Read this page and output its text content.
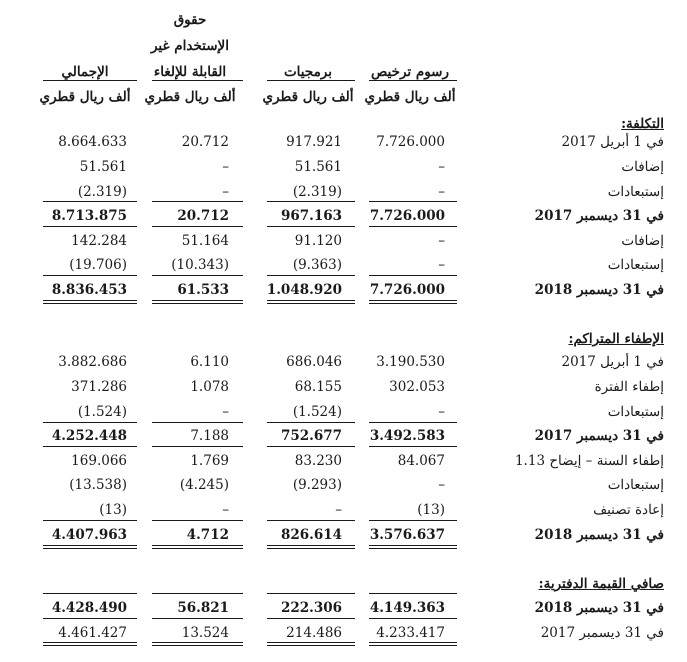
رسوم ترخيص
ألف ريال قطري
برمجيات
ألف ريال قطري
حقوق
الإستخدام غير
القابلة للإلغاء
ألف ريال قطري
الإجمالي
ألف ريال قطري
التكلفة:
في 1 أبريل 2017
7.726.000
917.921
20.712
8.664.633
إضافات
–
51.561
–
51.561
إستبعادات
–
(2.319)
–
(2.319)
في 31 ديسمبر 2017
7.726.000
967.163
20.712
8.713.875
إضافات
–
91.120
51.164
142.284
إستبعادات
–
(9.363)
(10.343)
(19.706)
في 31 ديسمبر 2018
7.726.000
1.048.920
61.533
8.836.453
الإطفاء المتراكم:
في 1 أبريل 2017
3.190.530
686.046
6.110
3.882.686
إطفاء الفترة
302.053
68.155
1.078
371.286
إستبعادات
–
(1.524)
–
(1.524)
في 31 ديسمبر 2017
3.492.583
752.677
7.188
4.252.448
إطفاء السنة – إيضاح 1.13
84.067
83.230
1.769
169.066
إستبعادات
–
(9.293)
(4.245)
(13.538)
إعادة تصنيف
(13)
–
–
(13)
في 31 ديسمبر 2018
3.576.637
826.614
4.712
4.407.963
صافي القيمة الدفترية:
في 31 ديسمبر 2018
4.149.363
222.306
56.821
4.428.490
في 31 ديسمبر 2017
4.233.417
214.486
13.524
4.461.427
